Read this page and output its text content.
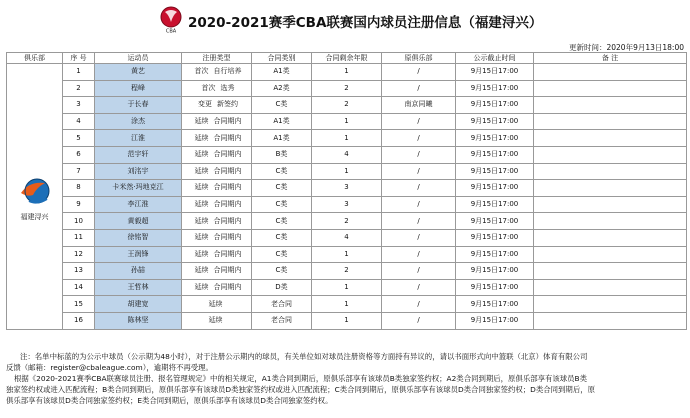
CBA
2020-2021赛季CBA联赛国内球员注册信息（福建浔兴）
更新时间：2020年9月13日18:00
俱乐部	序 号	运动员	注册类型	合同类别	合同剩余年限	原俱乐部	公示截止时间	备 注

福建浔兴	1	黄艺	首次 自行培养	A1类	1	/	9月15日17:00	
	2	程峰	首次 选秀	A2类	2	/	9月15日17:00	
	3	于长春	变更 新签约	C类	2	南京同曦	9月15日17:00	
	4	涂杰	延续 合同期内	A1类	1	/	9月15日17:00	
	5	江淮	延续 合同期内	A1类	1	/	9月15日17:00	
	6	范宇轩	延续 合同期内	B类	4	/	9月15日17:00	
	7	刘洺宇	延续 合同期内	C类	1	/	9月15日17:00	
	8	卡米然·玛地克江	延续 合同期内	C类	3	/	9月15日17:00	
	9	李江淮	延续 合同期内	C类	3	/	9月15日17:00	
	10	黄毅超	延续 合同期内	C类	2	/	9月15日17:00	
	11	徐铭智	延续 合同期内	C类	4	/	9月15日17:00	
	12	王润锋	延续 合同期内	C类	1	/	9月15日17:00	
	13	孙喆	延续 合同期内	C类	2	/	9月15日17:00	
	14	王哲林	延续 合同期内	D类	1	/	9月15日17:00	
	15	胡建宽	延续	老合同	1	/	9月15日17:00	
	16	陈林坚	延续	老合同	1	/	9月15日17:00	

注：名单中标蓝的为公示中球员（公示期为48小时），对于注册公示期内的球员，有关单位如对球员注册资格等方面持有异议的，请以书面形式向中篮联（北京）体育有限公司

反馈（邮箱：register@cbaleague.com），逾期将不再受理。

根据《2020-2021赛季CBA联赛球员注册、报名管理规定》中的相关规定，A1类合同到期后，原俱乐部享有该球员B类独家签约权；A2类合同到期后，原俱乐部享有该球员B类

独家签约权或进入匹配流程；B类合同到期后，原俱乐部享有该球员D类独家签约权或进入匹配流程；C类合同到期后，原俱乐部享有该球员D类合同独家签约权；D类合同到期后，原

俱乐部享有该球员D类合同独家签约权；E类合同到期后，原俱乐部享有该球员D类合同独家签约权。
